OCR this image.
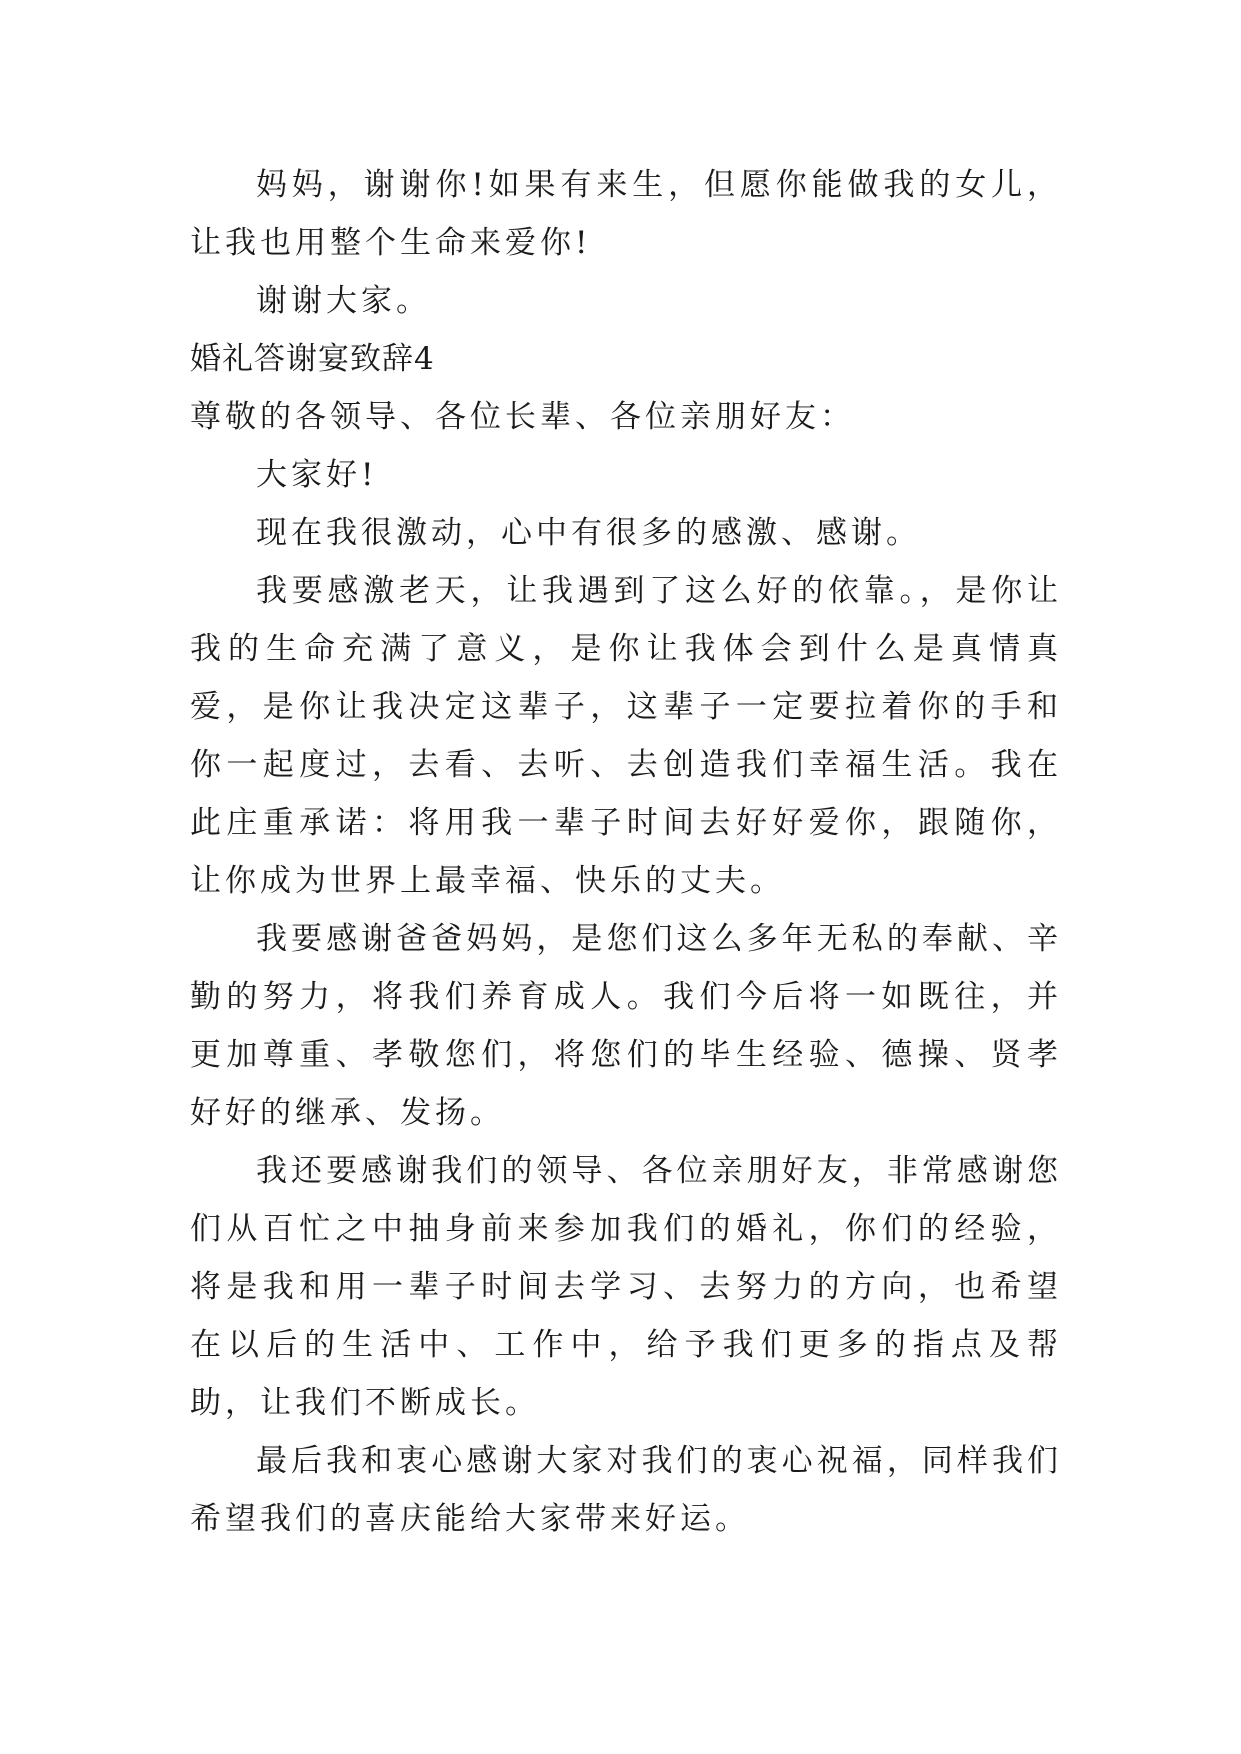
妈妈，谢谢你!如果有来生，但愿你能做我的女儿，让我也用整个生命来爱你!

谢谢大家。

婚礼答谢宴致辞4

尊敬的各领导、各位长辈、各位亲朋好友：

大家好!

现在我很激动，心中有很多的感激、感谢。

我要感激老天，让我遇到了这么好的依靠。，是你让我的生命充满了意义，是你让我体会到什么是真情真爱，是你让我决定这辈子，这辈子一定要拉着你的手和你一起度过，去看、去听、去创造我们幸福生活。我在此庄重承诺：将用我一辈子时间去好好爱你，跟随你，让你成为世界上最幸福、快乐的丈夫。

我要感谢爸爸妈妈，是您们这么多年无私的奉献、辛勤的努力，将我们养育成人。我们今后将一如既往，并更加尊重、孝敬您们，将您们的毕生经验、德操、贤孝好好的继承、发扬。

我还要感谢我们的领导、各位亲朋好友，非常感谢您们从百忙之中抽身前来参加我们的婚礼，你们的经验，将是我和用一辈子时间去学习、去努力的方向，也希望在以后的生活中、工作中，给予我们更多的指点及帮助，让我们不断成长。

最后我和衷心感谢大家对我们的衷心祝福，同样我们希望我们的喜庆能给大家带来好运。
